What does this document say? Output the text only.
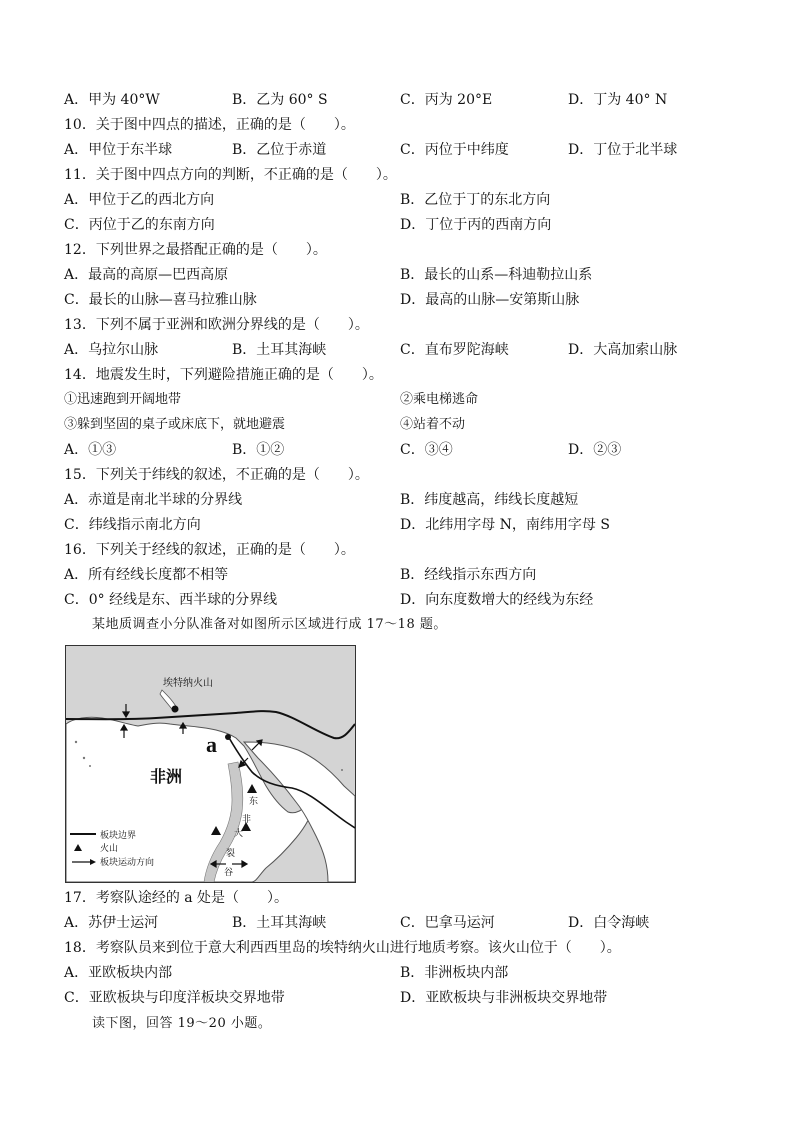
A．甲为 40°W	B．乙为 60° S	C．丙为 20°E	D．丁为 40° N
10．关于图中四点的描述，正确的是（　　）。
A．甲位于东半球	B．乙位于赤道	C．丙位于中纬度	D．丁位于北半球
11．关于图中四点方向的判断，不正确的是（　　）。
A．甲位于乙的西北方向	B．乙位于丁的东北方向
C．丙位于乙的东南方向	D．丁位于丙的西南方向
12．下列世界之最搭配正确的是（　　）。
A．最高的高原—巴西高原	B．最长的山系—科迪勒拉山系
C．最长的山脉—喜马拉雅山脉	D．最高的山脉—安第斯山脉
13．下列不属于亚洲和欧洲分界线的是（　　）。
A．乌拉尔山脉	B．土耳其海峡	C．直布罗陀海峡	D．大高加索山脉
14．地震发生时，下列避险措施正确的是（　　）。
①迅速跑到开阔地带	②乘电梯逃命
③躲到坚固的桌子或床底下，就地避震	④站着不动
A．①③	B．①②	C．③④	D．②③
15．下列关于纬线的叙述，不正确的是（　　）。
A．赤道是南北半球的分界线	B．纬度越高，纬线长度越短
C．纬线指示南北方向	D．北纬用字母 N，南纬用字母 S
16．下列关于经线的叙述，正确的是（　　）。
A．所有经线长度都不相等	B．经线指示东西方向
C．0° 经线是东、西半球的分界线	D．向东度数增大的经线为东经
某地质调查小分队准备对如图所示区域进行成 17～18 题。
埃特纳火山
a
非洲
东
非
大
裂
谷
板块边界
火山
板块运动方向
17．考察队途经的 a 处是（　　）。
A．苏伊士运河	B．土耳其海峡	C．巴拿马运河	D．白令海峡
18．考察队员来到位于意大利西西里岛的埃特纳火山进行地质考察。该火山位于（　　）。
A．亚欧板块内部	B．非洲板块内部
C．亚欧板块与印度洋板块交界地带	D．亚欧板块与非洲板块交界地带
读下图，回答 19～20 小题。
